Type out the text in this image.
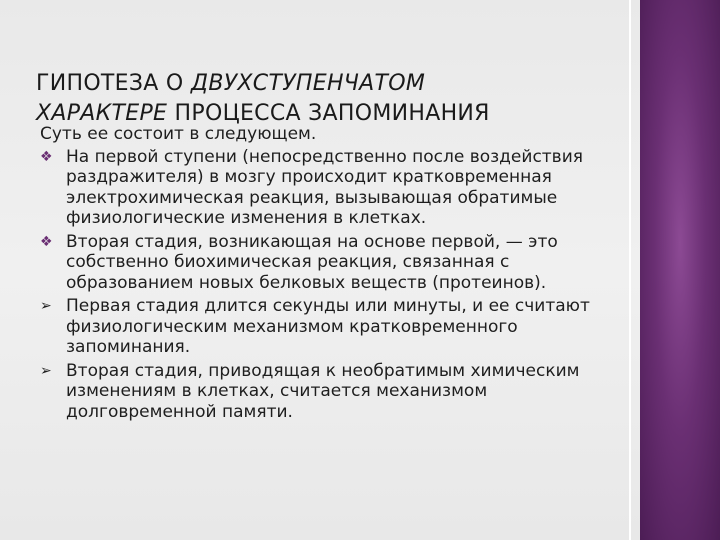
ГИПОТЕЗА О ДВУХСТУПЕНЧАТОМ
ХАРАКТЕРЕ ПРОЦЕССА ЗАПОМИНАНИЯ

Суть ее состоит в следующем.

❖ На первой ступени (непосредственно после воздействия раздражителя) в мозгу происходит кратковременная электрохимическая реакция, вызывающая обратимые физиологические изменения в клетках.
❖ Вторая стадия, возникающая на основе первой, — это собственно биохимическая реакция, связанная с образованием новых белковых веществ (протеинов).
➢ Первая стадия длится секунды или минуты, и ее считают физиологическим механизмом кратковременного запоминания.
➢ Вторая стадия, приводящая к необратимым химическим изменениям в клетках, считается механизмом долговременной памяти.
